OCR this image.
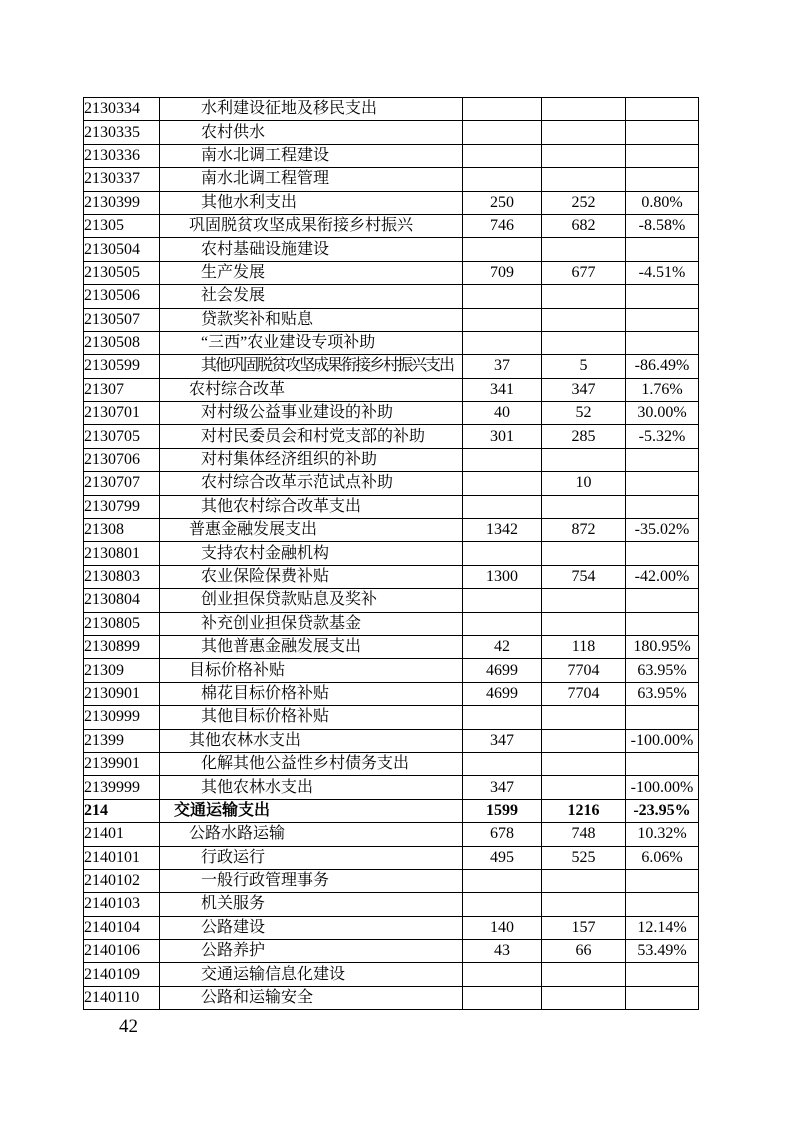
2130334	水利建设征地及移民支出			
2130335	农村供水			
2130336	南水北调工程建设			
2130337	南水北调工程管理			
2130399	其他水利支出	250	252	0.80%
21305	巩固脱贫攻坚成果衔接乡村振兴	746	682	-8.58%
2130504	农村基础设施建设			
2130505	生产发展	709	677	-4.51%
2130506	社会发展			
2130507	贷款奖补和贴息			
2130508	“三西”农业建设专项补助			
2130599	其他巩固脱贫攻坚成果衔接乡村振兴支出	37	5	-86.49%
21307	农村综合改革	341	347	1.76%
2130701	对村级公益事业建设的补助	40	52	30.00%
2130705	对村民委员会和村党支部的补助	301	285	-5.32%
2130706	对村集体经济组织的补助			
2130707	农村综合改革示范试点补助		10	
2130799	其他农村综合改革支出			
21308	普惠金融发展支出	1342	872	-35.02%
2130801	支持农村金融机构			
2130803	农业保险保费补贴	1300	754	-42.00%
2130804	创业担保贷款贴息及奖补			
2130805	补充创业担保贷款基金			
2130899	其他普惠金融发展支出	42	118	180.95%
21309	目标价格补贴	4699	7704	63.95%
2130901	棉花目标价格补贴	4699	7704	63.95%
2130999	其他目标价格补贴			
21399	其他农林水支出	347		-100.00%
2139901	化解其他公益性乡村债务支出			
2139999	其他农林水支出	347		-100.00%
214	交通运输支出	1599	1216	-23.95%
21401	公路水路运输	678	748	10.32%
2140101	行政运行	495	525	6.06%
2140102	一般行政管理事务			
2140103	机关服务			
2140104	公路建设	140	157	12.14%
2140106	公路养护	43	66	53.49%
2140109	交通运输信息化建设			
2140110	公路和运输安全			
42
